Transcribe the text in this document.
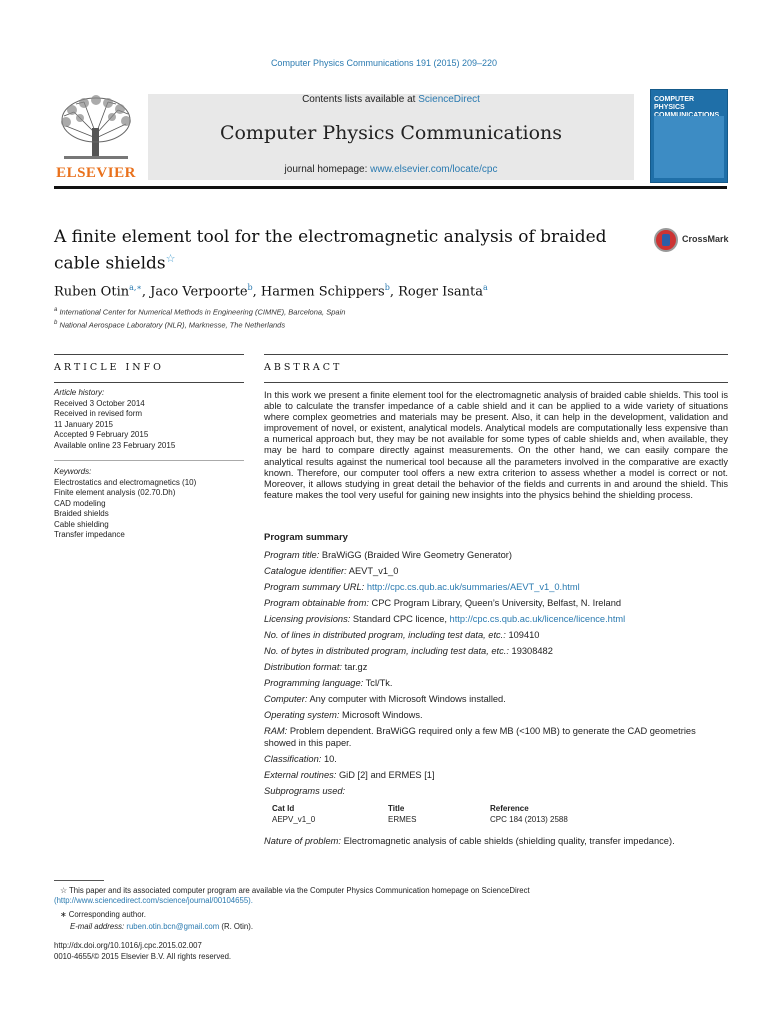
Computer Physics Communications 191 (2015) 209–220
ELSEVIER
Contents lists available at ScienceDirect
Computer Physics Communications
journal homepage: www.elsevier.com/locate/cpc
COMPUTER PHYSICS
A finite element tool for the electromagnetic analysis of braided cable shields☆
CrossMark
Ruben Otin$^{a,∗}$, Jaco Verpoorte$^b$, Harmen Schippers$^b$, Roger Isanta$^a$
$^a$ International Center for Numerical Methods in Engineering (CIMNE), Barcelona, Spain
$^b$ National Aerospace Laboratory (NLR), Marknesse, The Netherlands
ARTICLE INFO
Article history:
Received 3 October 2014
Received in revised form
11 January 2015
Accepted 9 February 2015
Available online 23 February 2015
Keywords:
Electrostatics and electromagnetics (10)
Finite element analysis (02.70.Dh)
CAD modeling
Braided shields
Cable shielding
Transfer impedance
ABSTRACT
In this work we present a finite element tool for the electromagnetic analysis of braided cable shields. This tool is able to calculate the transfer impedance of a cable shield and it can be applied to a wide variety of situations where complex geometries and materials may be present. Also, it can help in the development, validation and improvement of novel, or existent, analytical models. Analytical models are computationally less expensive than a numerical approach but, they may be not available for some types of cable shields and, when available, they may be hard to compare directly against measurements. On the other hand, we can easily compare the analytical results against the numerical tool because all the parameters involved in the comparative are exactly known. Therefore, our computer tool offers a new extra criterion to assess whether a model is correct or not. Moreover, it allows studying in great detail the behavior of the fields and currents in and around the shield. This feature makes the tool very useful for gaining new insights into the physics behind the shielding process.
Program summary
Program title: BraWiGG (Braided Wire Geometry Generator)
Catalogue identifier: AEVT_v1_0
Program summary URL: http://cpc.cs.qub.ac.uk/summaries/AEVT_v1_0.html
Program obtainable from: CPC Program Library, Queen’s University, Belfast, N. Ireland
Licensing provisions: Standard CPC licence, http://cpc.cs.qub.ac.uk/licence/licence.html
No. of lines in distributed program, including test data, etc.: 109410
No. of bytes in distributed program, including test data, etc.: 19308482
Distribution format: tar.gz
Programming language: Tcl/Tk.
Computer: Any computer with Microsoft Windows installed.
Operating system: Microsoft Windows.
RAM: Problem dependent. BraWiGG required only a few MB (<100 MB) to generate the CAD geometries showed in this paper.
Classification: 10.
External routines: GiD [2] and ERMES [1]
Subprograms used:
Cat Id	Title	Reference
AEPV_v1_0	ERMES	CPC 184 (2013) 2588
Nature of problem: Electromagnetic analysis of cable shields (shielding quality, transfer impedance).
☆ This paper and its associated computer program are available via the Computer Physics Communication homepage on ScienceDirect (http://www.sciencedirect.com/science/journal/00104655).
∗ Corresponding author.
E-mail address: ruben.otin.bcn@gmail.com (R. Otin).
http://dx.doi.org/10.1016/j.cpc.2015.02.007
0010-4655/© 2015 Elsevier B.V. All rights reserved.
